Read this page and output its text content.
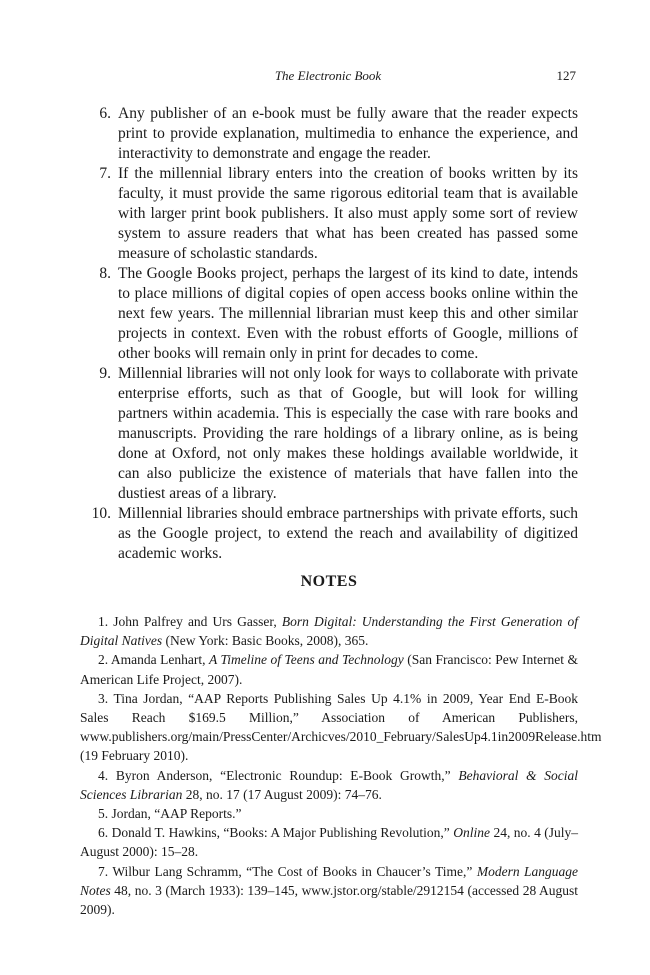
The Electronic Book	127
6. Any publisher of an e-book must be fully aware that the reader expects print to provide explanation, multimedia to enhance the experience, and interactivity to demonstrate and engage the reader.
7. If the millennial library enters into the creation of books written by its faculty, it must provide the same rigorous editorial team that is available with larger print book publishers. It also must apply some sort of review system to assure readers that what has been created has passed some measure of scholastic standards.
8. The Google Books project, perhaps the largest of its kind to date, intends to place millions of digital copies of open access books online within the next few years. The millennial librarian must keep this and other similar projects in context. Even with the robust efforts of Google, millions of other books will remain only in print for decades to come.
9. Millennial libraries will not only look for ways to collaborate with private enterprise efforts, such as that of Google, but will look for willing partners within academia. This is especially the case with rare books and manuscripts. Providing the rare holdings of a library online, as is being done at Oxford, not only makes these holdings available worldwide, it can also publicize the existence of materials that have fallen into the dustiest areas of a library.
10. Millennial libraries should embrace partnerships with private efforts, such as the Google project, to extend the reach and availability of digitized academic works.
NOTES
1. John Palfrey and Urs Gasser, Born Digital: Understanding the First Generation of Digital Natives (New York: Basic Books, 2008), 365.
2. Amanda Lenhart, A Timeline of Teens and Technology (San Francisco: Pew Internet & American Life Project, 2007).
3. Tina Jordan, “AAP Reports Publishing Sales Up 4.1% in 2009, Year End E-Book Sales Reach $169.5 Million,” Association of American Publishers, www.publishers.org/main/PressCenter/Archicves/2010_February/SalesUp4.1in2009Release.htm (19 February 2010).
4. Byron Anderson, “Electronic Roundup: E-Book Growth,” Behavioral & Social Sciences Librarian 28, no. 17 (17 August 2009): 74–76.
5. Jordan, “AAP Reports.”
6. Donald T. Hawkins, “Books: A Major Publishing Revolution,” Online 24, no. 4 (July–August 2000): 15–28.
7. Wilbur Lang Schramm, “The Cost of Books in Chaucer’s Time,” Modern Language Notes 48, no. 3 (March 1933): 139–145, www.jstor.org/stable/2912154 (accessed 28 August 2009).
